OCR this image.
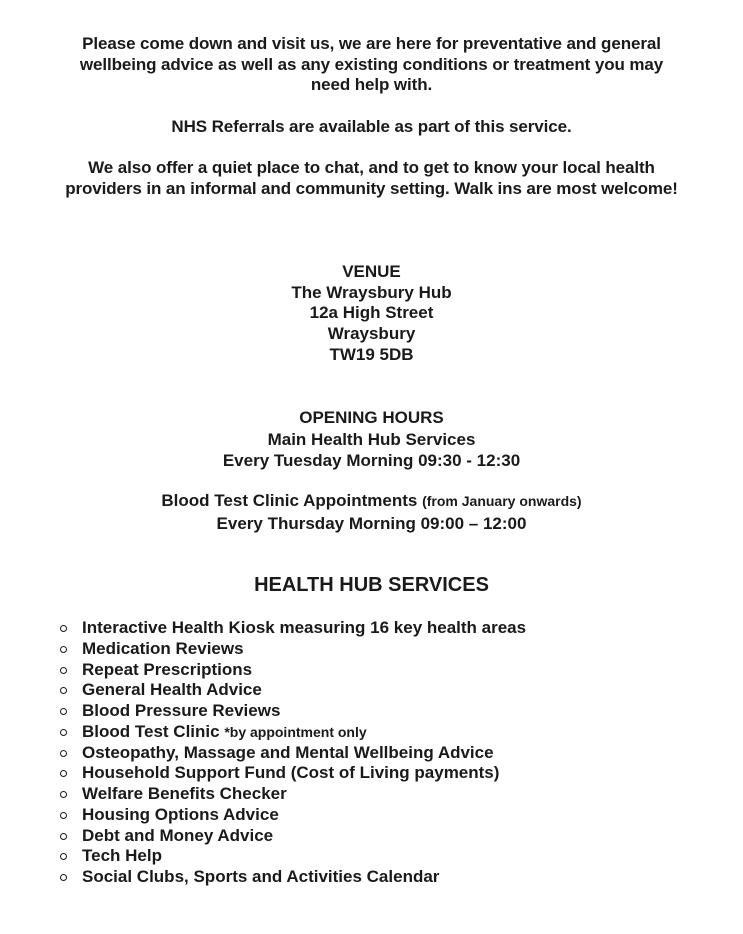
Please come down and visit us, we are here for preventative and general
wellbeing advice as well as any existing conditions or treatment you may
need help with.
NHS Referrals are available as part of this service.
We also offer a quiet place to chat, and to get to know your local health
providers in an informal and community setting. Walk ins are most welcome!
VENUE
The Wraysbury Hub
12a High Street
Wraysbury
TW19 5DB
OPENING HOURS
Main Health Hub Services
Every Tuesday Morning 09:30 - 12:30
Blood Test Clinic Appointments (from January onwards)
Every Thursday Morning 09:00 – 12:00
HEALTH HUB SERVICES
Interactive Health Kiosk measuring 16 key health areas
Medication Reviews
Repeat Prescriptions
General Health Advice
Blood Pressure Reviews
Blood Test Clinic *by appointment only
Osteopathy, Massage and Mental Wellbeing Advice
Household Support Fund (Cost of Living payments)
Welfare Benefits Checker
Housing Options Advice
Debt and Money Advice
Tech Help
Social Clubs, Sports and Activities Calendar
